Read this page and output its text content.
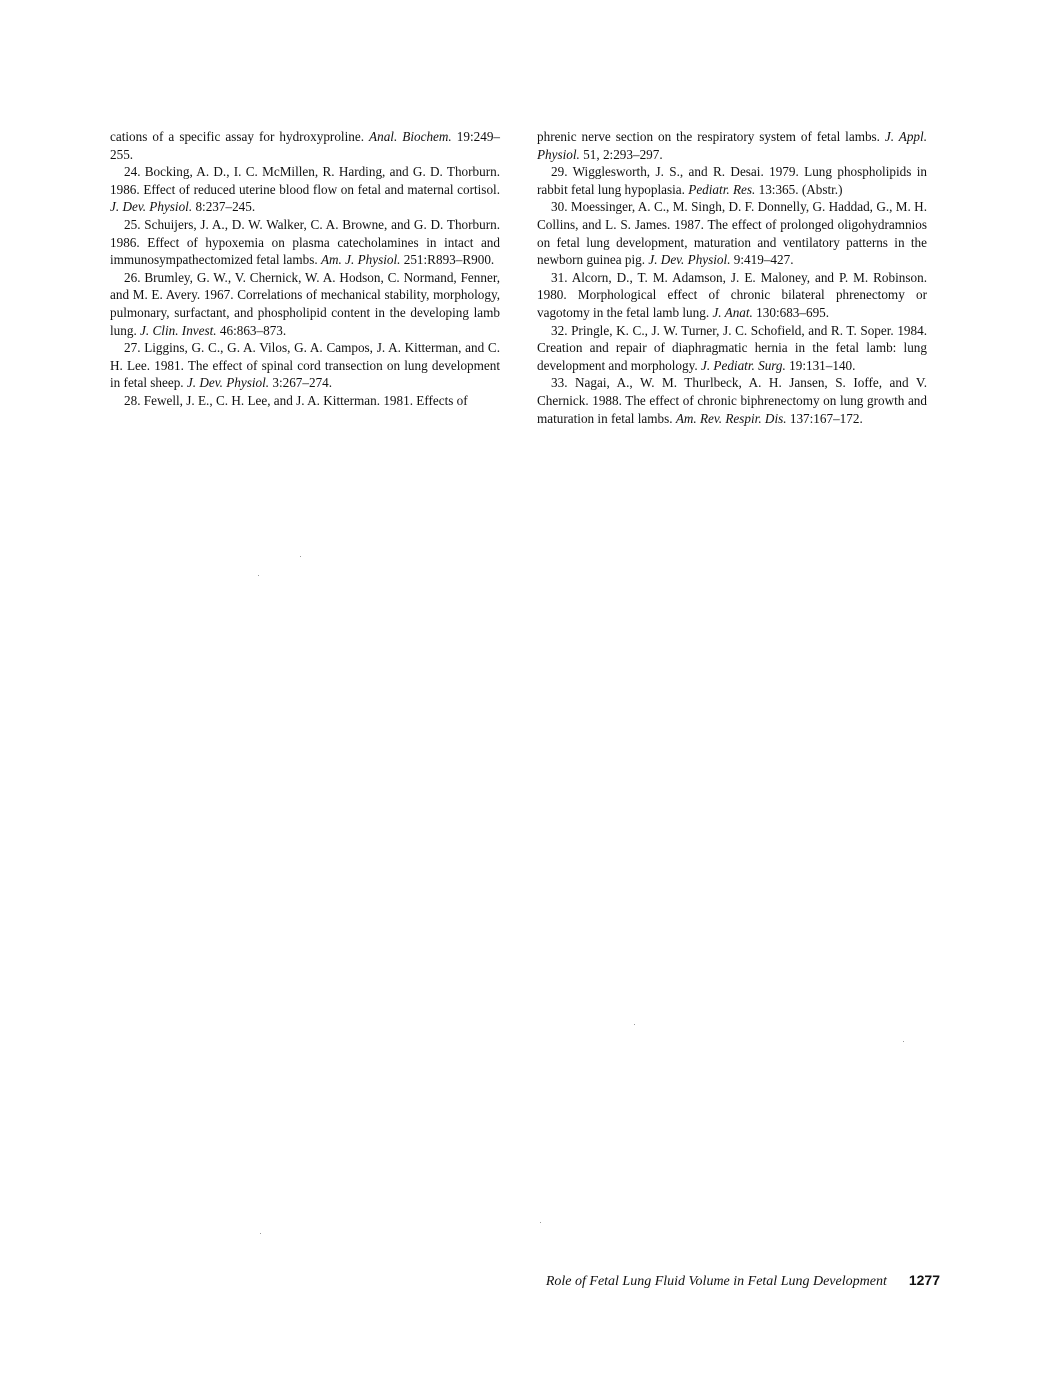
cations of a specific assay for hydroxyproline. Anal. Biochem. 19:249–255.

24. Bocking, A. D., I. C. McMillen, R. Harding, and G. D. Thorburn. 1986. Effect of reduced uterine blood flow on fetal and maternal cortisol. J. Dev. Physiol. 8:237–245.

25. Schuijers, J. A., D. W. Walker, C. A. Browne, and G. D. Thorburn. 1986. Effect of hypoxemia on plasma catecholamines in intact and immunosympathectomized fetal lambs. Am. J. Physiol. 251:R893–R900.

26. Brumley, G. W., V. Chernick, W. A. Hodson, C. Normand, Fenner, and M. E. Avery. 1967. Correlations of mechanical stability, morphology, pulmonary, surfactant, and phospholipid content in the developing lamb lung. J. Clin. Invest. 46:863–873.

27. Liggins, G. C., G. A. Vilos, G. A. Campos, J. A. Kitterman, and C. H. Lee. 1981. The effect of spinal cord transection on lung development in fetal sheep. J. Dev. Physiol. 3:267–274.

28. Fewell, J. E., C. H. Lee, and J. A. Kitterman. 1981. Effects of

phrenic nerve section on the respiratory system of fetal lambs. J. Appl. Physiol. 51, 2:293–297.

29. Wigglesworth, J. S., and R. Desai. 1979. Lung phospholipids in rabbit fetal lung hypoplasia. Pediatr. Res. 13:365. (Abstr.)

30. Moessinger, A. C., M. Singh, D. F. Donnelly, G. Haddad, G., M. H. Collins, and L. S. James. 1987. The effect of prolonged oligohydramnios on fetal lung development, maturation and ventilatory patterns in the newborn guinea pig. J. Dev. Physiol. 9:419–427.

31. Alcorn, D., T. M. Adamson, J. E. Maloney, and P. M. Robinson. 1980. Morphological effect of chronic bilateral phrenectomy or vagotomy in the fetal lamb lung. J. Anat. 130:683–695.

32. Pringle, K. C., J. W. Turner, J. C. Schofield, and R. T. Soper. 1984. Creation and repair of diaphragmatic hernia in the fetal lamb: lung development and morphology. J. Pediatr. Surg. 19:131–140.

33. Nagai, A., W. M. Thurlbeck, A. H. Jansen, S. Ioffe, and V. Chernick. 1988. The effect of chronic biphrenectomy on lung growth and maturation in fetal lambs. Am. Rev. Respir. Dis. 137:167–172.

Role of Fetal Lung Fluid Volume in Fetal Lung Development 1277
